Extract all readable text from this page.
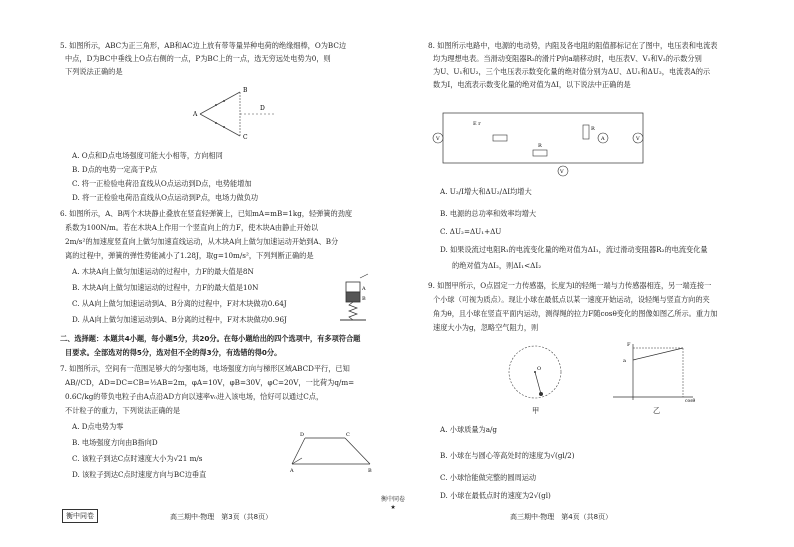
5. 如图所示，ABC为正三角形，AB和AC边上放有带等量异种电荷的绝缘细棒，O为BC边
中点，D为BC中垂线上O点右侧的一点，P为BC上的一点，选无穷远处电势为0，则
下列说法正确的是
A
B
C
D
A. O点和D点电场强度可能大小相等，方向相同
B. D点的电势一定高于P点
C. 将一正检验电荷沿直线从O点运动到D点，电势能增加
D. 将一正检验电荷沿直线从O点运动到P点，电场力做负功
6. 如图所示，A、B两个木块静止叠放在竖直轻弹簧上，已知mA=mB=1kg，轻弹簧的劲度
系数为100N/m。若在木块A上作用一个竖直向上的力F，使木块A由静止开始以
2m/s²的加速度竖直向上做匀加速直线运动，从木块A向上做匀加速运动开始到A、B分
离的过程中，弹簧的弹性势能减小了1.28J，取g=10m/s²，下列判断正确的是
A. 木块A向上做匀加速运动的过程中，力F的最大值是8N
B. 木块A向上做匀加速运动的过程中，力F的最大值是10N
C. 从A向上做匀加速运动到A、B分离的过程中，F对木块做功0.64J
D. 从A向上做匀加速运动到A、B分离的过程中，F对木块做功0.96J
A
B
二、选择题：本题共4小题，每小题5分，共20分。在每小题给出的四个选项中，有多项符合题
目要求。全部选对的得5分，选对但不全的得3分，有选错的得0分。
7. 如图所示，空间有一范围足够大的匀强电场，电场强度方向与梯形区域ABCD平行，已知
AB//CD，AD=DC=CB=½AB=2m，φA=10V，φB=30V，φC=20V，一比荷为q/m=
0.6C/kg的带负电粒子由A点沿AD方向以速率v₀进入该电场，恰好可以通过C点，
不计粒子的重力，下列说法正确的是
A. D点电势为零
B. 电场强度方向由B指向D
C. 该粒子到达C点时速度大小为√21 m/s
D. 该粒子到达C点时速度方向与BC边垂直
D	C
A	B
衡中同卷	高三期中·物理　第3页（共8页）
衡中同卷
★
8. 如图所示电路中，电源的电动势，内阻及各电阻的阻值都标记在了图中，电压表和电流表
均为理想电表。当滑动变阻器R₂的滑片P向a端移动时，电压表V、V₁和V₂的示数分别
为U、U₁和U₂，三个电压表示数变化量的绝对值分别为ΔU、ΔU₁和ΔU₂，电流表A的示
数为I，电流表示数变化量的绝对值为ΔI，以下说法中正确的是
V
V
A	V
E r
R
R
A. U₂/I增大和ΔU₂/ΔI均增大
B. 电源的总功率和效率均增大
C. ΔU₂=ΔU₁+ΔU
D. 如果设流过电阻R₁的电流变化量的绝对值为ΔI₁，流过滑动变阻器R₂的电流变化量
的绝对值为ΔI₂，则ΔI₁<ΔI₂
9. 如图甲所示，O点固定一力传感器，长度为l的轻绳一端与力传感器相连，另一端连接一
个小球（可视为质点）。现让小球在最低点以某一速度开始运动，设轻绳与竖直方向的夹
角为θ，且小球在竖直平面内运动，测得绳的拉力F随cosθ变化的图像如图乙所示。重力加
速度大小为g，忽略空气阻力，则
O
甲
F
a
cosθ
乙
A. 小球质量为a/g
B. 小球在与圆心等高处时的速度为√(gl/2)
C. 小球恰能做完整的圆周运动
D. 小球在最低点时的速度为2√(gl)
高三期中·物理　第4页（共8页）
